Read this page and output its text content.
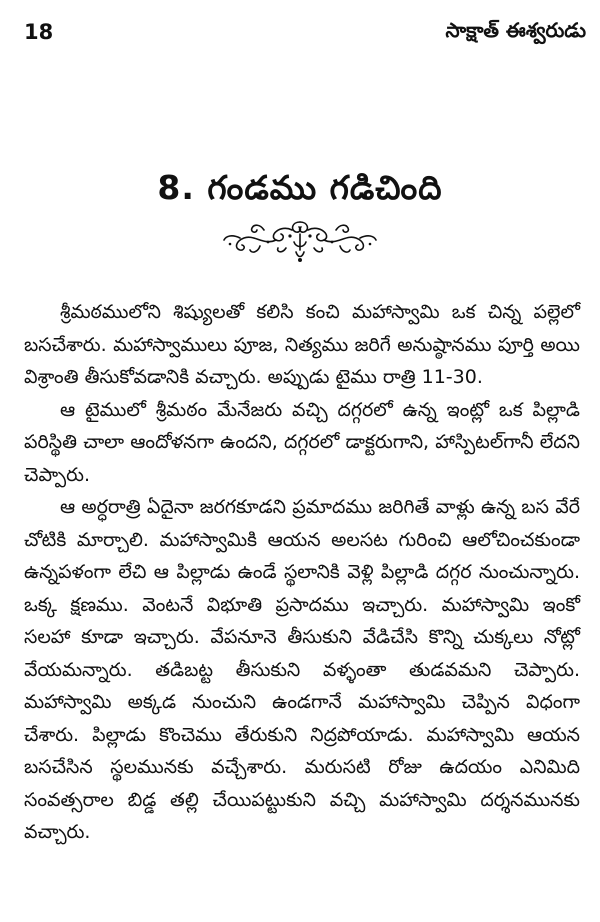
18	సాక్షాత్ ఈశ్వరుడు
8. గండము గడిచింది

శ్రీమఠములోని శిష్యులతో కలిసి కంచి మహాస్వామి ఒక చిన్న పల్లెలో బసచేశారు. మహాస్వాములు పూజ, నిత్యము జరిగే అనుష్ఠానము పూర్తి అయి విశ్రాంతి తీసుకోవడానికి వచ్చారు. అప్పుడు టైము రాత్రి 11-30.

ఆ టైములో శ్రీమఠం మేనేజరు వచ్చి దగ్గరలో ఉన్న ఇంట్లో ఒక పిల్లాడి పరిస్థితి చాలా ఆందోళనగా ఉందని, దగ్గరలో డాక్టరుగాని, హాస్పిటల్‌గానీ లేదని చెప్పారు.

ఆ అర్ధరాత్రి ఏదైనా జరగకూడని ప్రమాదము జరిగితే వాళ్లు ఉన్న బస వేరే చోటికి మార్చాలి. మహాస్వామికి ఆయన అలసట గురించి ఆలోచించకుండా ఉన్నపళంగా లేచి ఆ పిల్లాడు ఉండే స్థలానికి వెళ్లి పిల్లాడి దగ్గర నుంచున్నారు. ఒక్క క్షణము. వెంటనే విభూతి ప్రసాదము ఇచ్చారు. మహాస్వామి ఇంకో సలహా కూడా ఇచ్చారు. వేపనూనె తీసుకుని వేడిచేసి కొన్ని చుక్కలు నోట్లో వేయమన్నారు. తడిబట్ట తీసుకుని వళ్ళంతా తుడవమని చెప్పారు. మహాస్వామి అక్కడ నుంచుని ఉండగానే మహాస్వామి చెప్పిన విధంగా చేశారు. పిల్లాడు కొంచెము తేరుకుని నిద్రపోయాడు. మహాస్వామి ఆయన బసచేసిన స్థలమునకు వచ్చేశారు. మరుసటి రోజు ఉదయం ఎనిమిది సంవత్సరాల బిడ్డ తల్లి చేయిపట్టుకుని వచ్చి మహాస్వామి దర్శనమునకు వచ్చారు.
